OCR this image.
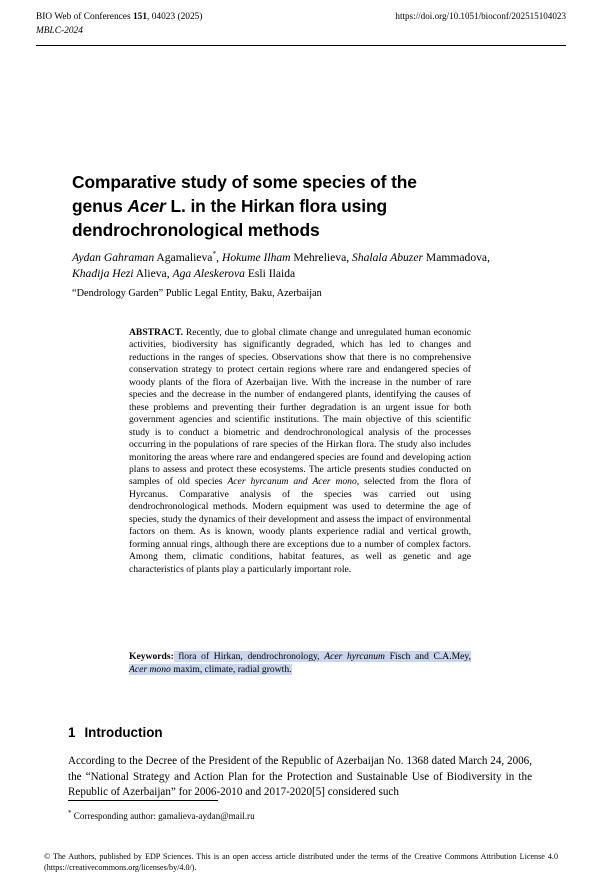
BIO Web of Conferences 151, 04023 (2025)	https://doi.org/10.1051/bioconf/202515104023
MBLC-2024
Comparative study of some species of the
genus Acer L. in the Hirkan flora using
dendrochronological methods
Aydan Gahraman Agamalieva*, Hokume Ilham Mehrelieva, Shalala Abuzer Mammadova, Khadija Hezi Alieva, Aga Aleskerova Esli Ilaida
“Dendrology Garden” Public Legal Entity, Baku, Azerbaijan
ABSTRACT. Recently, due to global climate change and unregulated human economic activities, biodiversity has significantly degraded, which has led to changes and reductions in the ranges of species. Observations show that there is no comprehensive conservation strategy to protect certain regions where rare and endangered species of woody plants of the flora of Azerbaijan live. With the increase in the number of rare species and the decrease in the number of endangered plants, identifying the causes of these problems and preventing their further degradation is an urgent issue for both government agencies and scientific institutions. The main objective of this scientific study is to conduct a biometric and dendrochronological analysis of the processes occurring in the populations of rare species of the Hirkan flora. The study also includes monitoring the areas where rare and endangered species are found and developing action plans to assess and protect these ecosystems. The article presents studies conducted on samples of old species Acer hyrcanum and Acer mono, selected from the flora of Hyrcanus. Comparative analysis of the species was carried out using dendrochronological methods. Modern equipment was used to determine the age of species, study the dynamics of their development and assess the impact of environmental factors on them. As is known, woody plants experience radial and vertical growth, forming annual rings, although there are exceptions due to a number of complex factors. Among them, climatic conditions, habitat features, as well as genetic and age characteristics of plants play a particularly important role.
Keywords: flora of Hirkan, dendrochronology, Acer hyrcanum Fisch and C.A.Mey, Acer mono maxim, climate, radial growth.
1 Introduction

According to the Decree of the President of the Republic of Azerbaijan No. 1368 dated March 24, 2006, the “National Strategy and Action Plan for the Protection and Sustainable Use of Biodiversity in the Republic of Azerbaijan” for 2006-2010 and 2017-2020[5] considered such

* Corresponding author: gamalieva-aydan@mail.ru
© The Authors, published by EDP Sciences. This is an open access article distributed under the terms of the Creative Commons Attribution License 4.0 (https://creativecommons.org/licenses/by/4.0/).
